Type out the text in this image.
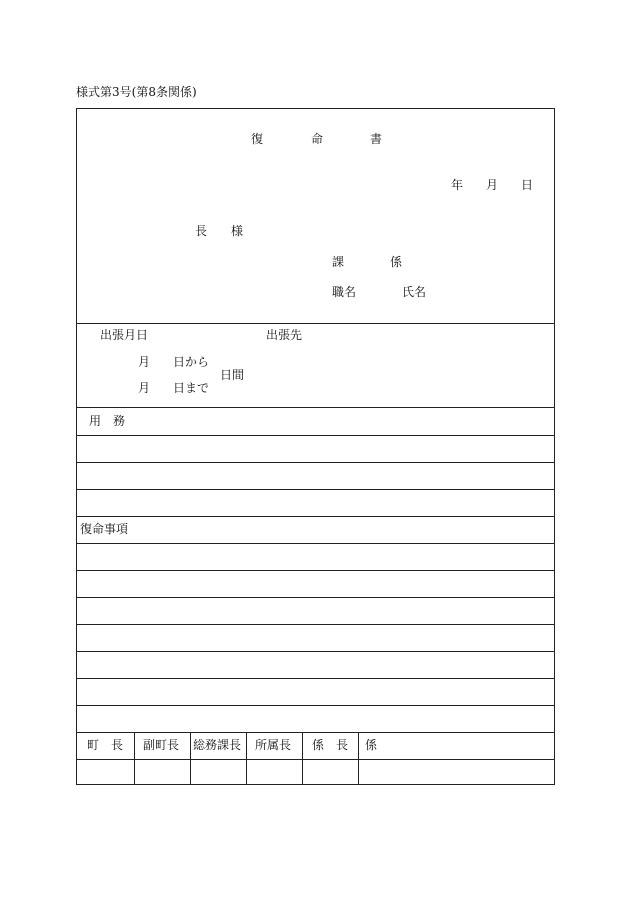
様式第3号(第8条関係)
復	命	書
年 月 日
長 様
課	係
職名	氏名
出張月日	出張先
月 日から
日間
月 日まで
用　務
復命事項
町　長 副町長 総務課長 所属長 係　長 係
